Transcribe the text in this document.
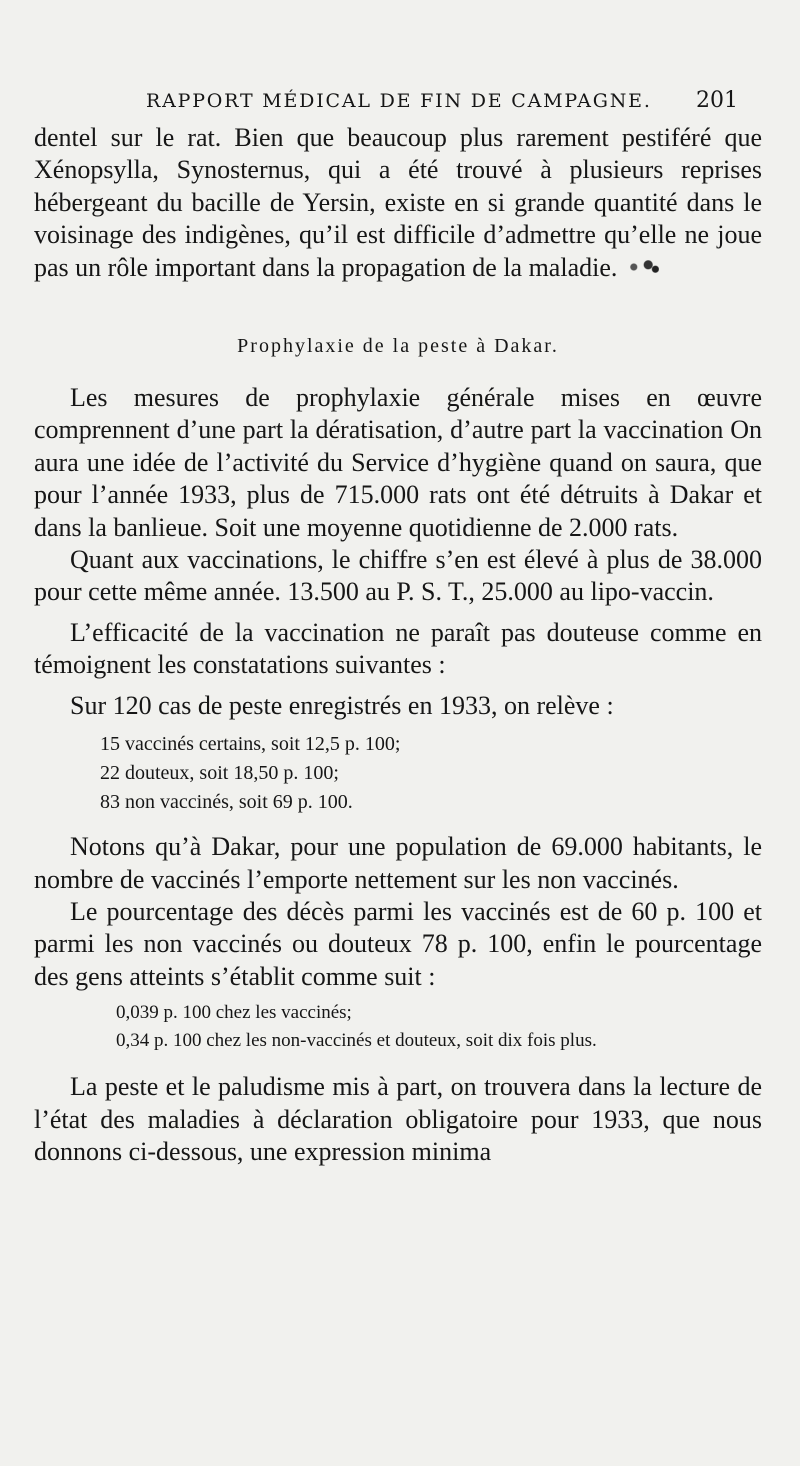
RAPPORT MÉDICAL DE FIN DE CAMPAGNE. 201

dentel sur le rat. Bien que beaucoup plus rarement pestiféré que Xénopsylla, Synosternus, qui a été trouvé à plusieurs reprises hébergeant du bacille de Yersin, existe en si grande quantité dans le voisinage des indigènes, qu’il est difficile d’admettre qu’elle ne joue pas un rôle important dans la propagation de la maladie.

Prophylaxie de la peste à Dakar.

Les mesures de prophylaxie générale mises en œuvre comprennent d’une part la dératisation, d’autre part la vaccination On aura une idée de l’activité du Service d’hygiène quand on saura, que pour l’année 1933, plus de 715.000 rats ont été détruits à Dakar et dans la banlieue. Soit une moyenne quotidienne de 2.000 rats.

Quant aux vaccinations, le chiffre s’en est élevé à plus de 38.000 pour cette même année. 13.500 au P. S. T., 25.000 au lipo-vaccin.

L’efficacité de la vaccination ne paraît pas douteuse comme en témoignent les constatations suivantes :

Sur 120 cas de peste enregistrés en 1933, on relève :

15 vaccinés certains, soit 12,5 p. 100;
22 douteux, soit 18,50 p. 100;
83 non vaccinés, soit 69 p. 100.

Notons qu’à Dakar, pour une population de 69.000 habitants, le nombre de vaccinés l’emporte nettement sur les non vaccinés.

Le pourcentage des décès parmi les vaccinés est de 60 p. 100 et parmi les non vaccinés ou douteux 78 p. 100, enfin le pourcentage des gens atteints s’établit comme suit :

0,039 p. 100 chez les vaccinés;
0,34 p. 100 chez les non-vaccinés et douteux, soit dix fois plus.

La peste et le paludisme mis à part, on trouvera dans la lecture de l’état des maladies à déclaration obligatoire pour 1933, que nous donnons ci-dessous, une expression minima
